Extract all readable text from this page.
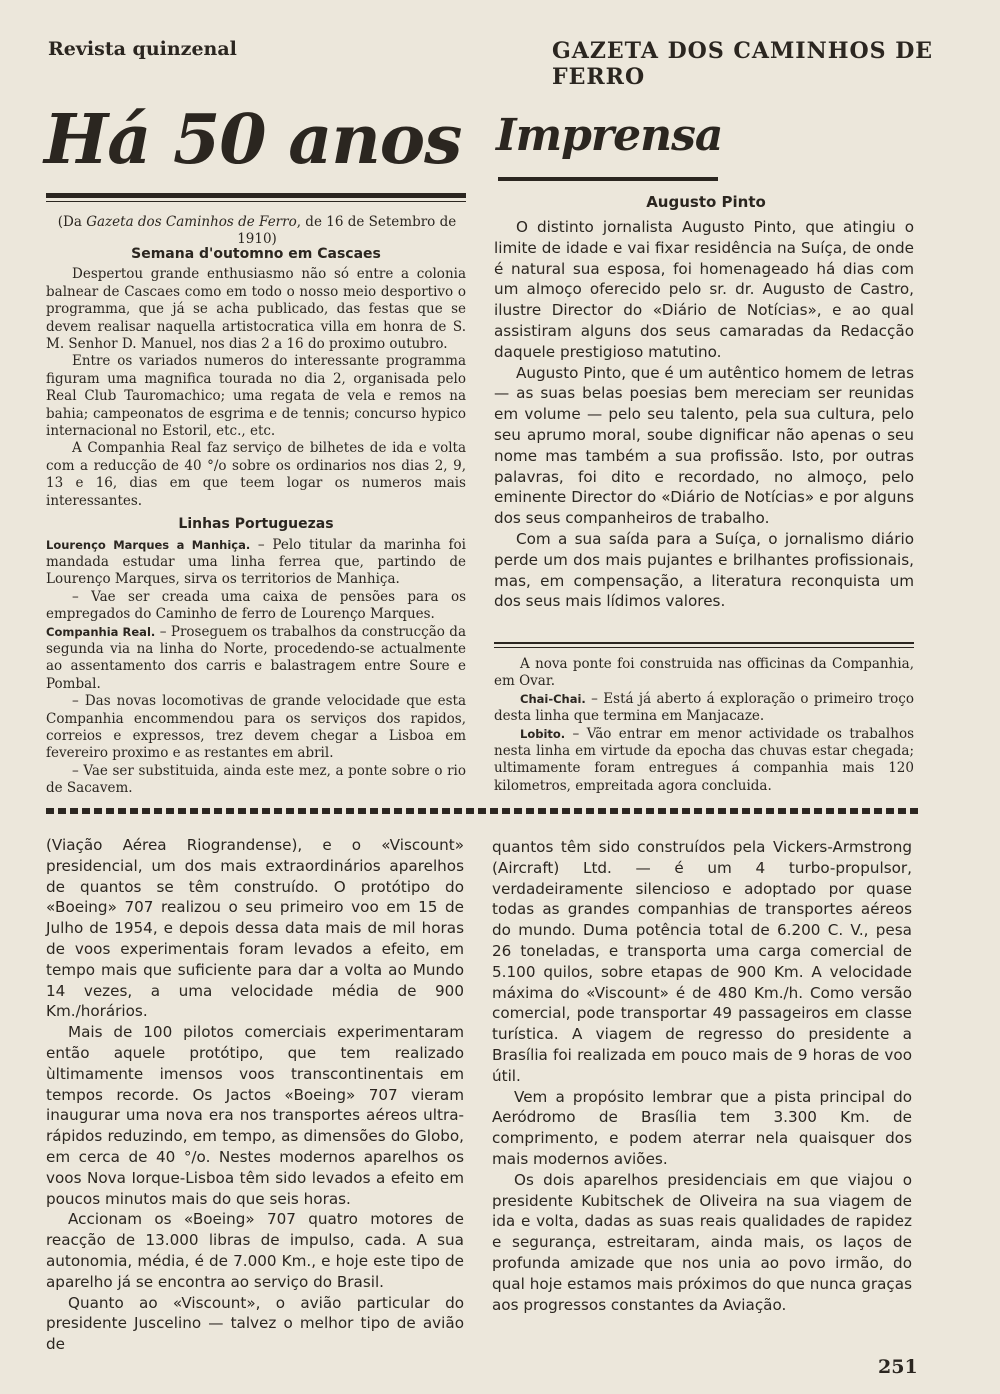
Revista quinzenal	GAZETA DOS CAMINHOS DE FERRO
Há 50 anos
(Da Gazeta dos Caminhos de Ferro, de 16 de Setembro de 1910)
Semana d'outomno em Cascaes

Despertou grande enthusiasmo não só entre a colonia balnear de Cascaes como em todo o nosso meio desportivo o programma, que já se acha publicado, das festas que se devem realisar naquella artistocratica villa em honra de S. M. Senhor D. Manuel, nos dias 2 a 16 do proximo outubro.

Entre os variados numeros do interessante programma figuram uma magnifica tourada no dia 2, organisada pelo Real Club Tauromachico; uma regata de vela e remos na bahia; campeonatos de esgrima e de tennis; concurso hypico internacional no Estoril, etc., etc.

A Companhia Real faz serviço de bilhetes de ida e volta com a reducção de 40 °/o sobre os ordinarios nos dias 2, 9, 13 e 16, dias em que teem logar os numeros mais interessantes.

Linhas Portuguezas

Lourenço Marques a Manhiça. – Pelo titular da marinha foi mandada estudar uma linha ferrea que, partindo de Lourenço Marques, sirva os territorios de Manhiça.

– Vae ser creada uma caixa de pensões para os empregados do Caminho de ferro de Lourenço Marques.

Companhia Real. – Proseguem os trabalhos da construcção da segunda via na linha do Norte, procedendo-se actualmente ao assentamento dos carris e balastragem entre Soure e Pombal.

– Das novas locomotivas de grande velocidade que esta Companhia encommendou para os serviços dos rapidos, correios e expressos, trez devem chegar a Lisboa em fevereiro proximo e as restantes em abril.

– Vae ser substituida, ainda este mez, a ponte sobre o rio de Sacavem.

Imprensa
Augusto Pinto

O distinto jornalista Augusto Pinto, que atingiu o limite de idade e vai fixar residência na Suíça, de onde é natural sua esposa, foi homenageado há dias com um almoço oferecido pelo sr. dr. Augusto de Castro, ilustre Director do «Diário de Notícias», e ao qual assistiram alguns dos seus camaradas da Redacção daquele prestigioso matutino.

Augusto Pinto, que é um autêntico homem de letras — as suas belas poesias bem mereciam ser reunidas em volume — pelo seu talento, pela sua cultura, pelo seu aprumo moral, soube dignificar não apenas o seu nome mas também a sua profissão. Isto, por outras palavras, foi dito e recordado, no almoço, pelo eminente Director do «Diário de Notícias» e por alguns dos seus companheiros de trabalho.

Com a sua saída para a Suíça, o jornalismo diário perde um dos mais pujantes e brilhantes profissionais, mas, em compensação, a literatura reconquista um dos seus mais lídimos valores.

A nova ponte foi construida nas officinas da Companhia, em Ovar.

Chai-Chai. – Está já aberto á exploração o primeiro troço desta linha que termina em Manjacaze.

Lobito. – Vão entrar em menor actividade os trabalhos nesta linha em virtude da epocha das chuvas estar chegada; ultimamente foram entregues á companhia mais 120 kilometros, empreitada agora concluida.

(Viação Aérea Riograndense), e o «Viscount» presidencial, um dos mais extraordinários aparelhos de quantos se têm construído. O protótipo do «Boeing» 707 realizou o seu primeiro voo em 15 de Julho de 1954, e depois dessa data mais de mil horas de voos experimentais foram levados a efeito, em tempo mais que suficiente para dar a volta ao Mundo 14 vezes, a uma velocidade média de 900 Km./horários.

Mais de 100 pilotos comerciais experimentaram então aquele protótipo, que tem realizado ùltimamente imensos voos transcontinentais em tempos recorde. Os Jactos «Boeing» 707 vieram inaugurar uma nova era nos transportes aéreos ultra-rápidos reduzindo, em tempo, as dimensões do Globo, em cerca de 40 °/o. Nestes modernos aparelhos os voos Nova Iorque-Lisboa têm sido levados a efeito em poucos minutos mais do que seis horas.

Accionam os «Boeing» 707 quatro motores de reacção de 13.000 libras de impulso, cada. A sua autonomia, média, é de 7.000 Km., e hoje este tipo de aparelho já se encontra ao serviço do Brasil.

Quanto ao «Viscount», o avião particular do presidente Juscelino — talvez o melhor tipo de avião de

quantos têm sido construídos pela Vickers-Armstrong (Aircraft) Ltd. — é um 4 turbo-propulsor, verdadeiramente silencioso e adoptado por quase todas as grandes companhias de transportes aéreos do mundo. Duma potência total de 6.200 C. V., pesa 26 toneladas, e transporta uma carga comercial de 5.100 quilos, sobre etapas de 900 Km. A velocidade máxima do «Viscount» é de 480 Km./h. Como versão comercial, pode transportar 49 passageiros em classe turística. A viagem de regresso do presidente a Brasília foi realizada em pouco mais de 9 horas de voo útil.

Vem a propósito lembrar que a pista principal do Aeródromo de Brasília tem 3.300 Km. de comprimento, e podem aterrar nela quaisquer dos mais modernos aviões.

Os dois aparelhos presidenciais em que viajou o presidente Kubitschek de Oliveira na sua viagem de ida e volta, dadas as suas reais qualidades de rapidez e segurança, estreitaram, ainda mais, os laços de profunda amizade que nos unia ao povo irmão, do qual hoje estamos mais próximos do que nunca graças aos progressos constantes da Aviação.

251
